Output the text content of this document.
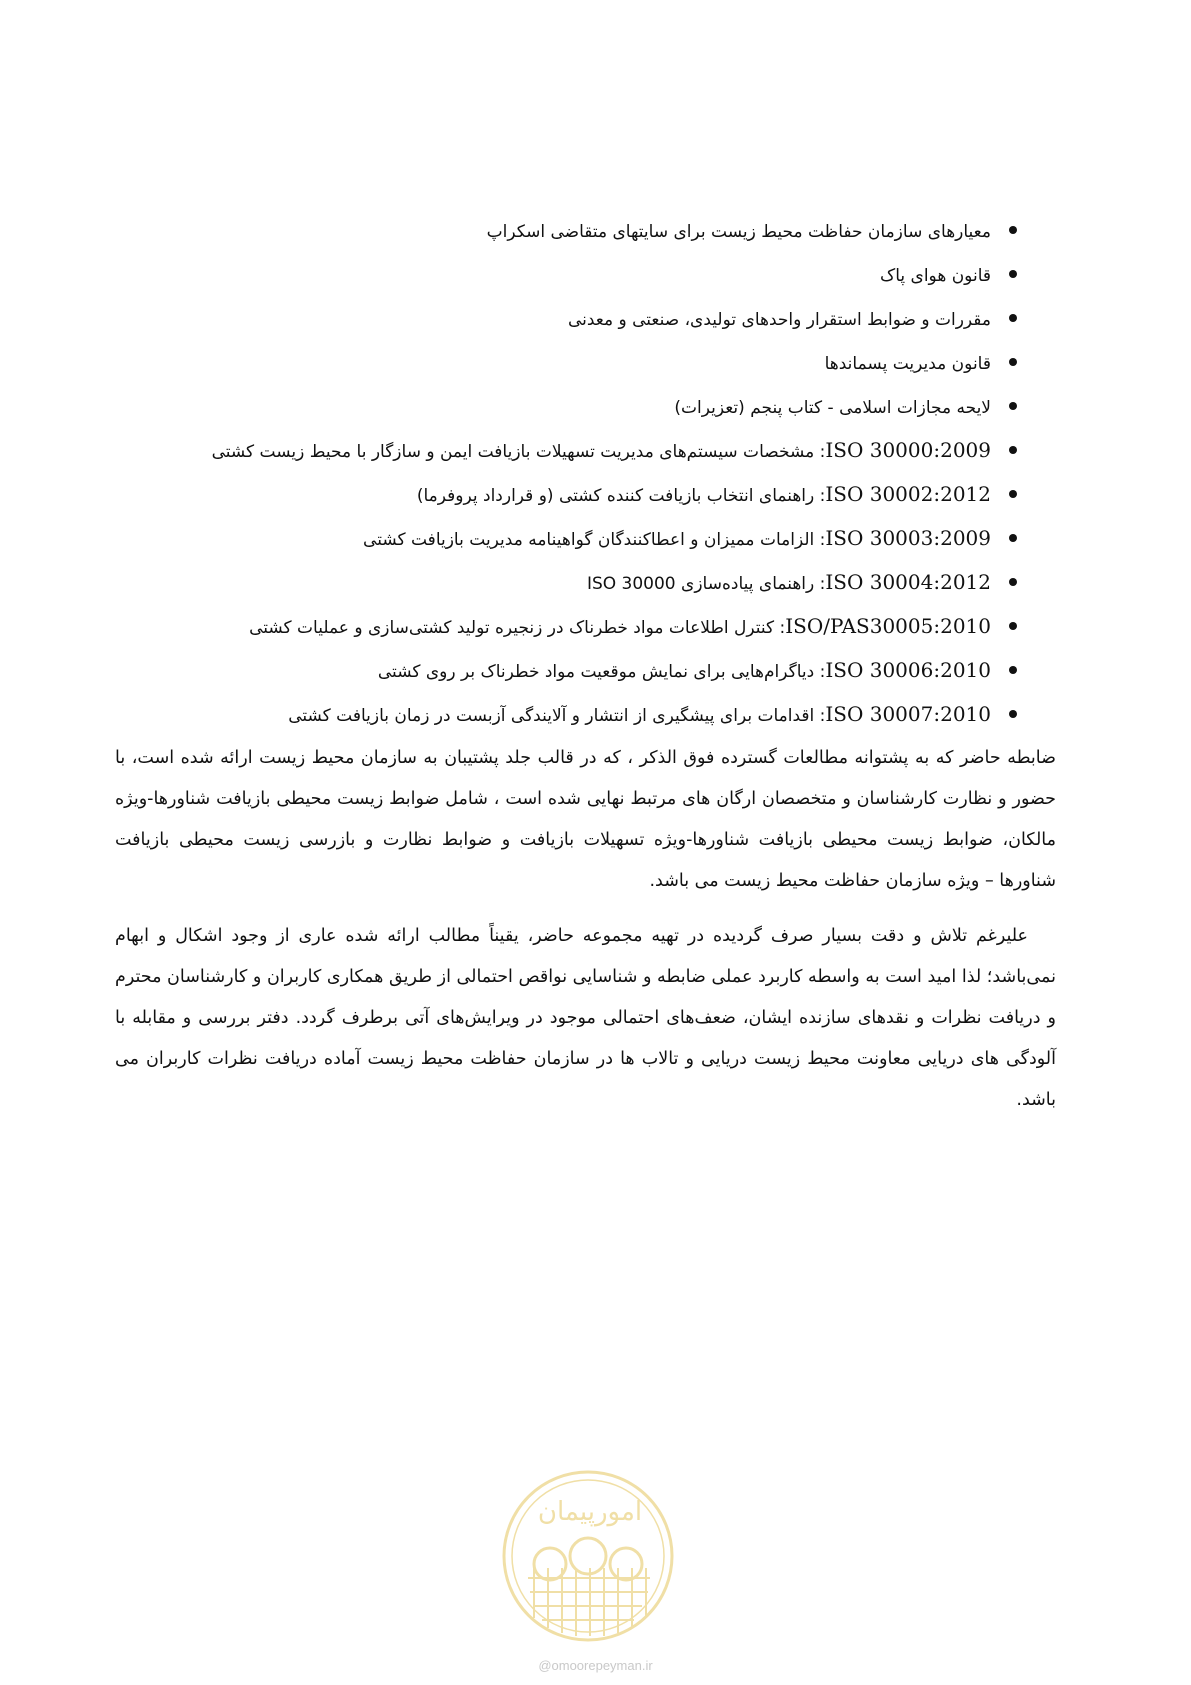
معیارهای سازمان حفاظت محیط زیست برای سایتهای متقاضی اسکراپ
قانون هوای پاک
مقررات و ضوابط استقرار واحدهای تولیدی، صنعتی و معدنی
قانون مدیریت پسماندها
لایحه مجازات اسلامی - کتاب پنجم (تعزیرات)
ISO 30000:2009: مشخصات سیستم‌های مدیریت تسهیلات بازیافت ایمن و سازگار با محیط زیست کشتی
ISO 30002:2012: راهنمای انتخاب بازیافت کننده کشتی (و قرارداد پروفرما)
ISO 30003:2009: الزامات ممیزان و اعطاکنندگان گواهینامه مدیریت بازیافت کشتی
ISO 30004:2012: راهنمای پیاده‌سازی ISO 30000
ISO/PAS30005:2010: کنترل اطلاعات مواد خطرناک در زنجیره تولید کشتی‌سازی و عملیات کشتی
ISO 30006:2010: دیاگرام‌هایی برای نمایش موقعیت مواد خطرناک بر روی کشتی
ISO 30007:2010: اقدامات برای پیشگیری از انتشار و آلایندگی آزبست در زمان بازیافت کشتی

ضابطه حاضر که به پشتوانه مطالعات گسترده فوق الذکر ، که در قالب جلد پشتیبان به سازمان محیط زیست ارائه شده است، با حضور و نظارت کارشناسان و متخصصان ارگان های مرتبط نهایی شده است ، شامل ضوابط زیست محیطی بازیافت شناورها-ویژه مالکان، ضوابط زیست محیطی بازیافت شناورها-ویژه تسهیلات بازیافت و ضوابط نظارت و بازرسی زیست محیطی بازیافت شناورها – ویژه سازمان حفاظت محیط زیست می باشد.

علیرغم تلاش و دقت بسیار صرف گردیده در تهیه مجموعه حاضر، یقیناً مطالب ارائه شده عاری از وجود اشکال و ابهام نمی‌باشد؛ لذا امید است به واسطه کاربرد عملی ضابطه و شناسایی نواقص احتمالی از طریق همکاری کاربران و کارشناسان محترم و دریافت نظرات و نقدهای سازنده ایشان، ضعف‌های احتمالی موجود در ویرایش‌های آتی برطرف گردد. دفتر بررسی و مقابله با آلودگی های دریایی معاونت محیط زیست دریایی و تالاب ها در سازمان حفاظت محیط زیست آماده دریافت نظرات کاربران می باشد.

امورپیمان
@omoorepeyman.ir
